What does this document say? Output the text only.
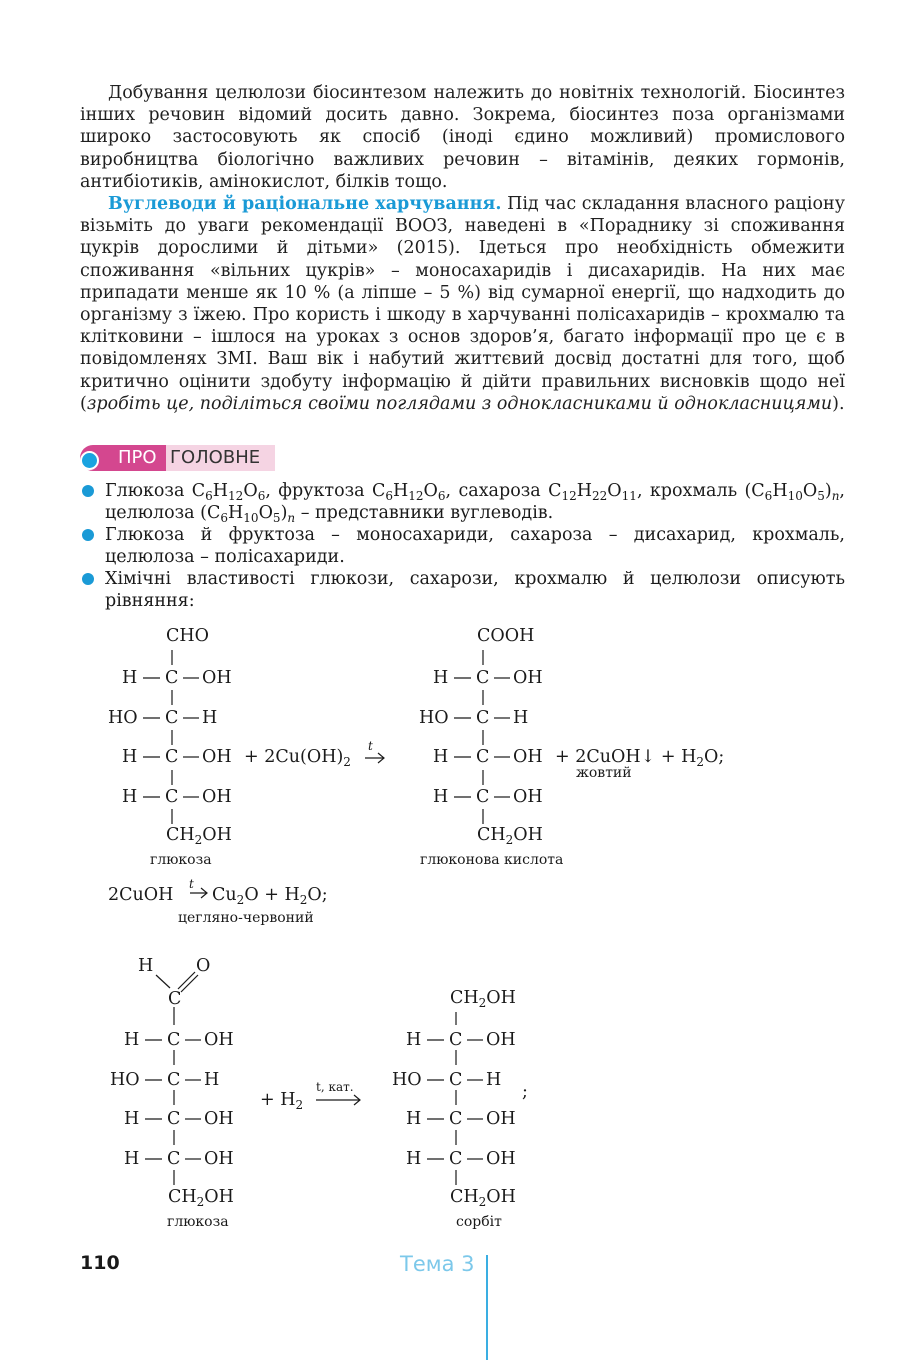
Добування целюлози біосинтезом належить до новітніх технологій. Біосинтез інших речовин відомий досить давно. Зокрема, біосинтез поза організмами широко застосовують як спосіб (іноді єдино можливий) промислового виробництва біологічно важливих речовин – вітамінів, деяких гормонів, антибіотиків, амінокислот, білків тощо.

Вуглеводи й раціональне харчування. Під час складання власного раціону візьміть до уваги рекомендації ВООЗ, наведені в «Порадникy зі споживання цукрів дорослими й дітьми» (2015). Ідеться про необхідність обмежити споживання «вільних цукрів» – моносахаридів і дисахаридів. На них має припадати менше як 10 % (а ліпше – 5 %) від сумарної енергії, що надходить до організму з їжею. Про користь і шкоду в харчуванні полісахаридів – крохмалю та клітковини – ішлося на уроках з основ здоров’я, багато інформації про це є в повідомленях ЗМІ. Ваш вік і набутий життєвий досвід достатні для того, щоб критично оцінити здобуту інформацію й дійти правильних висновків щодо неї (зробіть це, поділіться своїми поглядами з однокласниками й однокласницями).

ПРО ГОЛОВНЕ
Глюкоза $C_6H_{12}O_6$, фруктоза $C_6H_{12}O_6$, сахароза $C_{12}H_{22}O_{11}$, крохмаль $(C_6H_{10}O_5)_n$, целюлоза $(C_6H_{10}O_5)_n$ – представники вуглеводів.
Глюкоза й фруктоза – моносахариди, сахароза – дисахарид, крохмаль, целюлоза – полісахариди.
Хімічні властивості глюкози, сахарози, крохмалю й целюлози описують рівняння:
CHO
H C OH
HO C H
H C OH
H C OH
$CH_2OH$
глюкоза
+ $2Cu(OH)_2$
t
COOH
H C OH
HO C H
H C OH
H C OH
$CH_2OH$
глюконова кислота
+ 2CuOH↓ + $H_2O$;
жовтий
2CuOH
t
$Cu_2O + H_2O$;
цегляно-червоний
H O
C
H C OH
HO C H
H C OH
H C OH
$CH_2OH$
глюкоза
+ $H_2$
t, кат.
$CH_2OH$
H C OH
HO C H
H C OH
H C OH
$CH_2OH$
сорбіт
;
110	Тема 3
